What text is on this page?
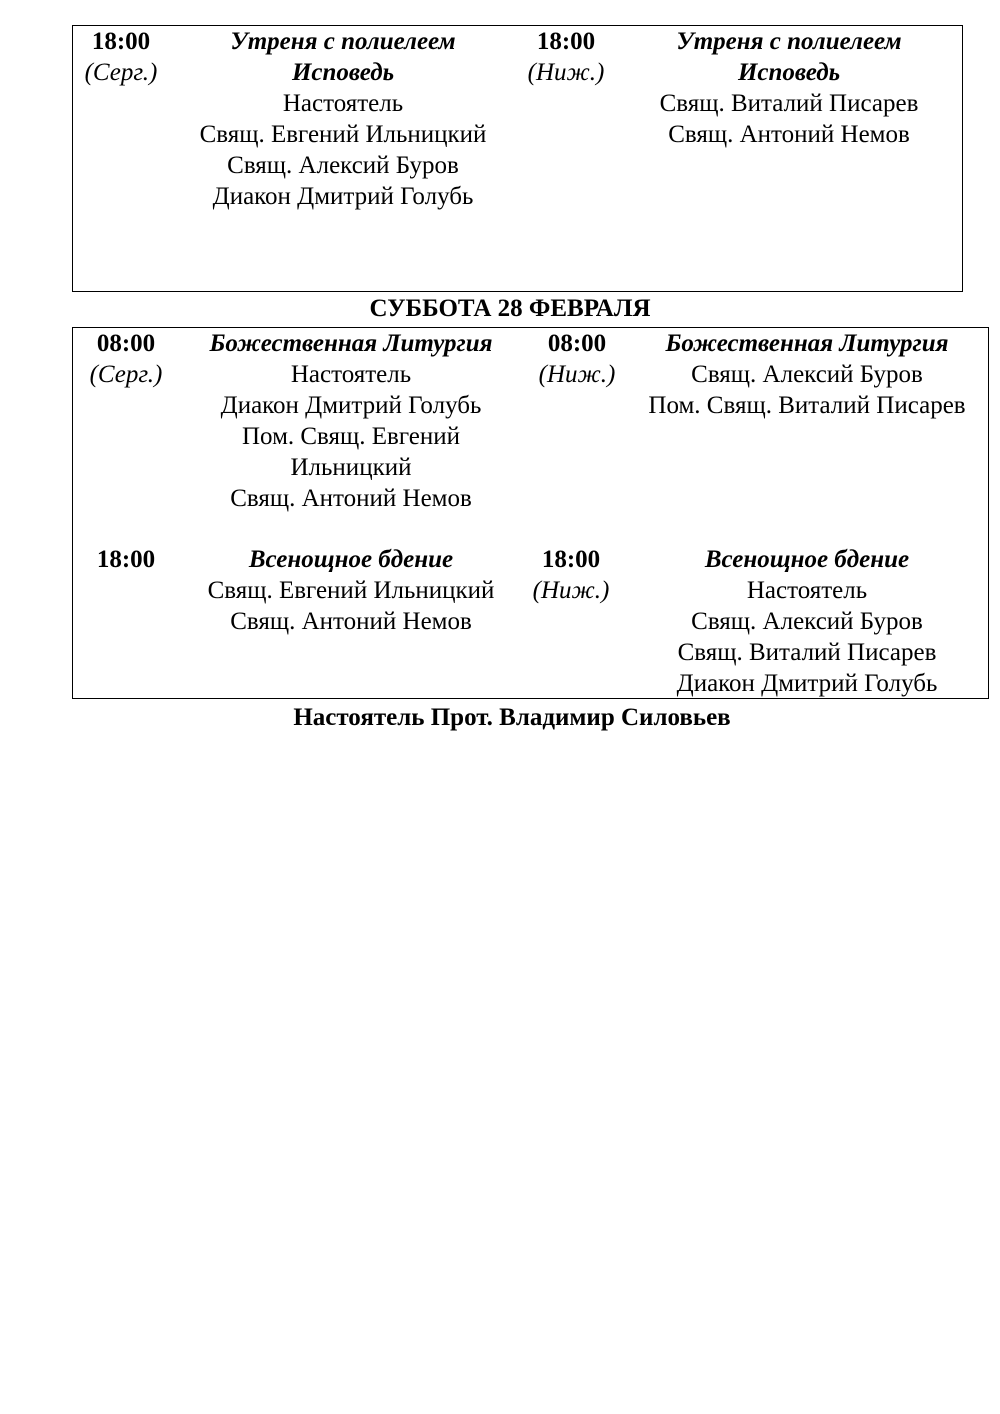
18:00
(Серг.)
Утреня с полиелеем
Исповедь
Настоятель
Свящ. Евгений Ильницкий
Свящ. Алексий Буров
Диакон Дмитрий Голубь
18:00
(Ниж.)
Утреня с полиелеем
Исповедь
Свящ. Виталий Писарев
Свящ. Антоний Немов
СУББОТА 28 ФЕВРАЛЯ
08:00
(Серг.)
Божественная Литургия
Настоятель
Диакон Дмитрий Голубь
Пом. Свящ. Евгений
Ильницкий
Свящ. Антоний Немов
08:00
(Ниж.)
Божественная Литургия
Свящ. Алексий Буров
Пом. Свящ. Виталий Писарев
18:00	Всенощное бдение
Свящ. Евгений Ильницкий
Свящ. Антоний Немов
18:00
(Ниж.)
Всенощное бдение
Настоятель
Свящ. Алексий Буров
Свящ. Виталий Писарев
Диакон Дмитрий Голубь
Настоятель Прот. Владимир Силовьев
